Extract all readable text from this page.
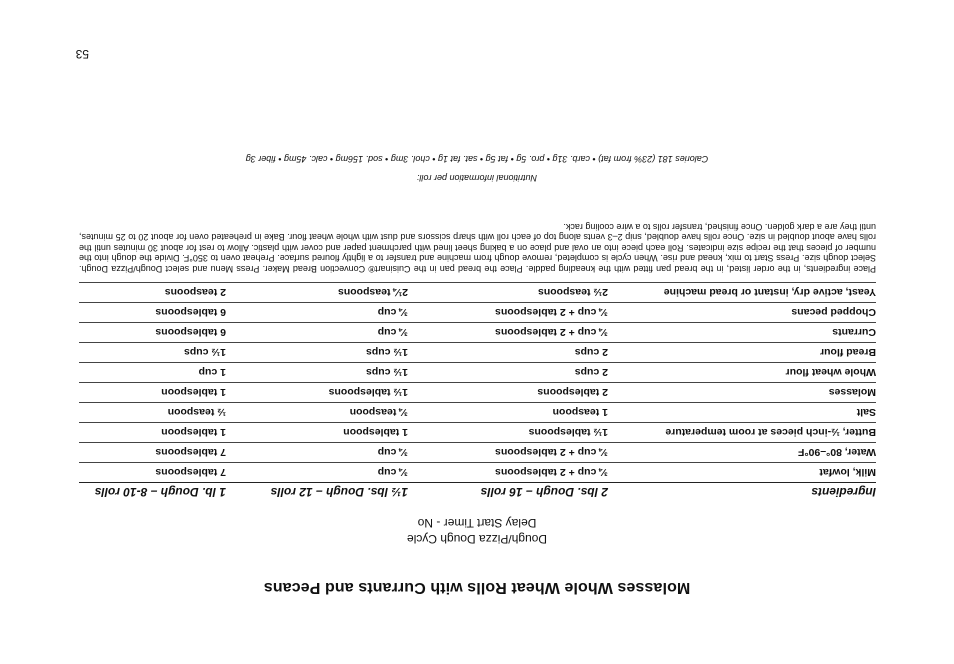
Molasses Whole Wheat Rolls with Currants and Pecans
Dough/Pizza Dough Cycle
Delay Start Timer - No
Ingredients	2 lbs. Dough – 16 rolls	1½ lbs. Dough – 12 rolls	1 lb. Dough – 8-10 rolls
Milk, lowfat	¾ cup + 2 tablespoons	¾ cup	7 tablespoons
Water, 80°–90°F	¾ cup + 2 tablespoons	¾ cup	7 tablespoons
Butter, ½-inch pieces at room temperature	1½ tablespoons	1 tablespoon	1 tablespoon
Salt	1 teaspoon	¾ teaspoon	½ teaspoon
Molasses	2 tablespoons	1½ tablespoons	1 tablespoon
Whole wheat flour	2 cups	1½ cups	1 cup
Bread flour	2 cups	1½ cups	1½ cups
Currants	¾ cup + 2 tablespoons	¾ cup	6 tablespoons
Chopped pecans	¾ cup + 2 tablespoons	¾ cup	6 tablespoons
Yeast, active dry, instant or bread machine	2½ teaspoons	2¼ teaspoons	2 teaspoons

Place ingredients, in the order listed, in the bread pan fitted with the kneading paddle. Place the bread pan in the Cuisinart® Convection Bread Maker. Press Menu and select Dough/Pizza Dough. Select dough size. Press Start to mix, knead and rise. When cycle is completed, remove dough from machine and transfer to a lightly floured surface. Preheat oven to 350°F. Divide the dough into the number of pieces that the recipe size indicates. Roll each piece into an oval and place on a baking sheet lined with parchment paper and cover with plastic. Allow to rest for about 30 minutes until the rolls have about doubled in size. Once rolls have doubled, snip 2–3 vents along top of each roll with sharp scissors and dust with whole wheat flour. Bake in preheated oven for about 20 to 25 minutes, until they are a dark golden. Once finished, transfer rolls to a wire cooling rack.

Nutritional information per roll:
Calories 181 (23% from fat) • carb. 31g • pro. 5g • fat 5g • sat. fat 1g • chol. 3mg • sod. 156mg • calc. 45mg • fiber 3g
53
